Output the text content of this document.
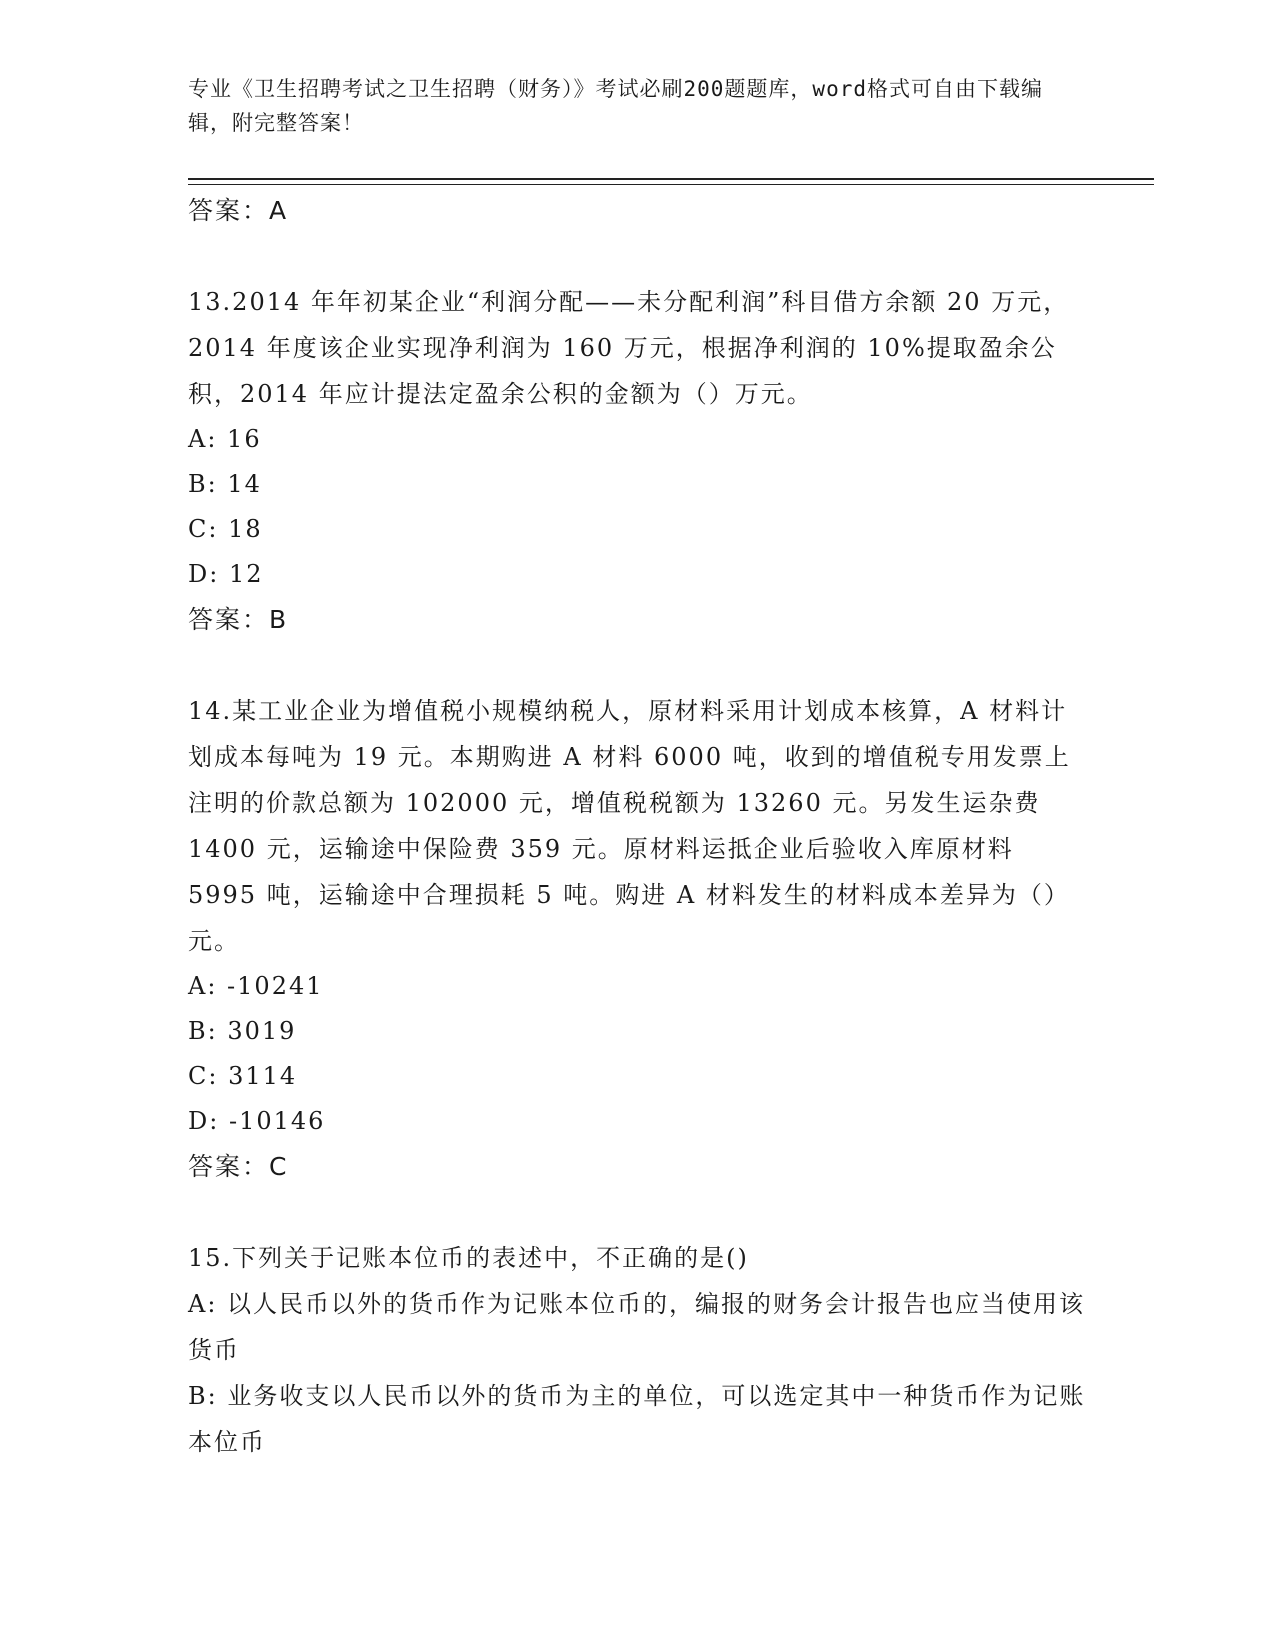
专业《卫生招聘考试之卫生招聘（财务）》考试必刷200题题库，word格式可自由下载编辑，附完整答案！

答案：A

13.2014 年年初某企业“利润分配——未分配利润”科目借方余额 20 万元，2014 年度该企业实现净利润为 160 万元，根据净利润的 10%提取盈余公积，2014 年应计提法定盈余公积的金额为（）万元。

A: 16

B: 14

C: 18

D: 12

答案：B

14.某工业企业为增值税小规模纳税人，原材料采用计划成本核算，A 材料计划成本每吨为 19 元。本期购进 A 材料 6000 吨，收到的增值税专用发票上注明的价款总额为 102000 元，增值税税额为 13260 元。另发生运杂费 1400 元，运输途中保险费 359 元。原材料运抵企业后验收入库原材料 5995 吨，运输途中合理损耗 5 吨。购进 A 材料发生的材料成本差异为（）元。

A: -10241

B: 3019

C: 3114

D: -10146

答案：C

15.下列关于记账本位币的表述中，不正确的是()

A: 以人民币以外的货币作为记账本位币的，编报的财务会计报告也应当使用该货币

B: 业务收支以人民币以外的货币为主的单位，可以选定其中一种货币作为记账本位币
